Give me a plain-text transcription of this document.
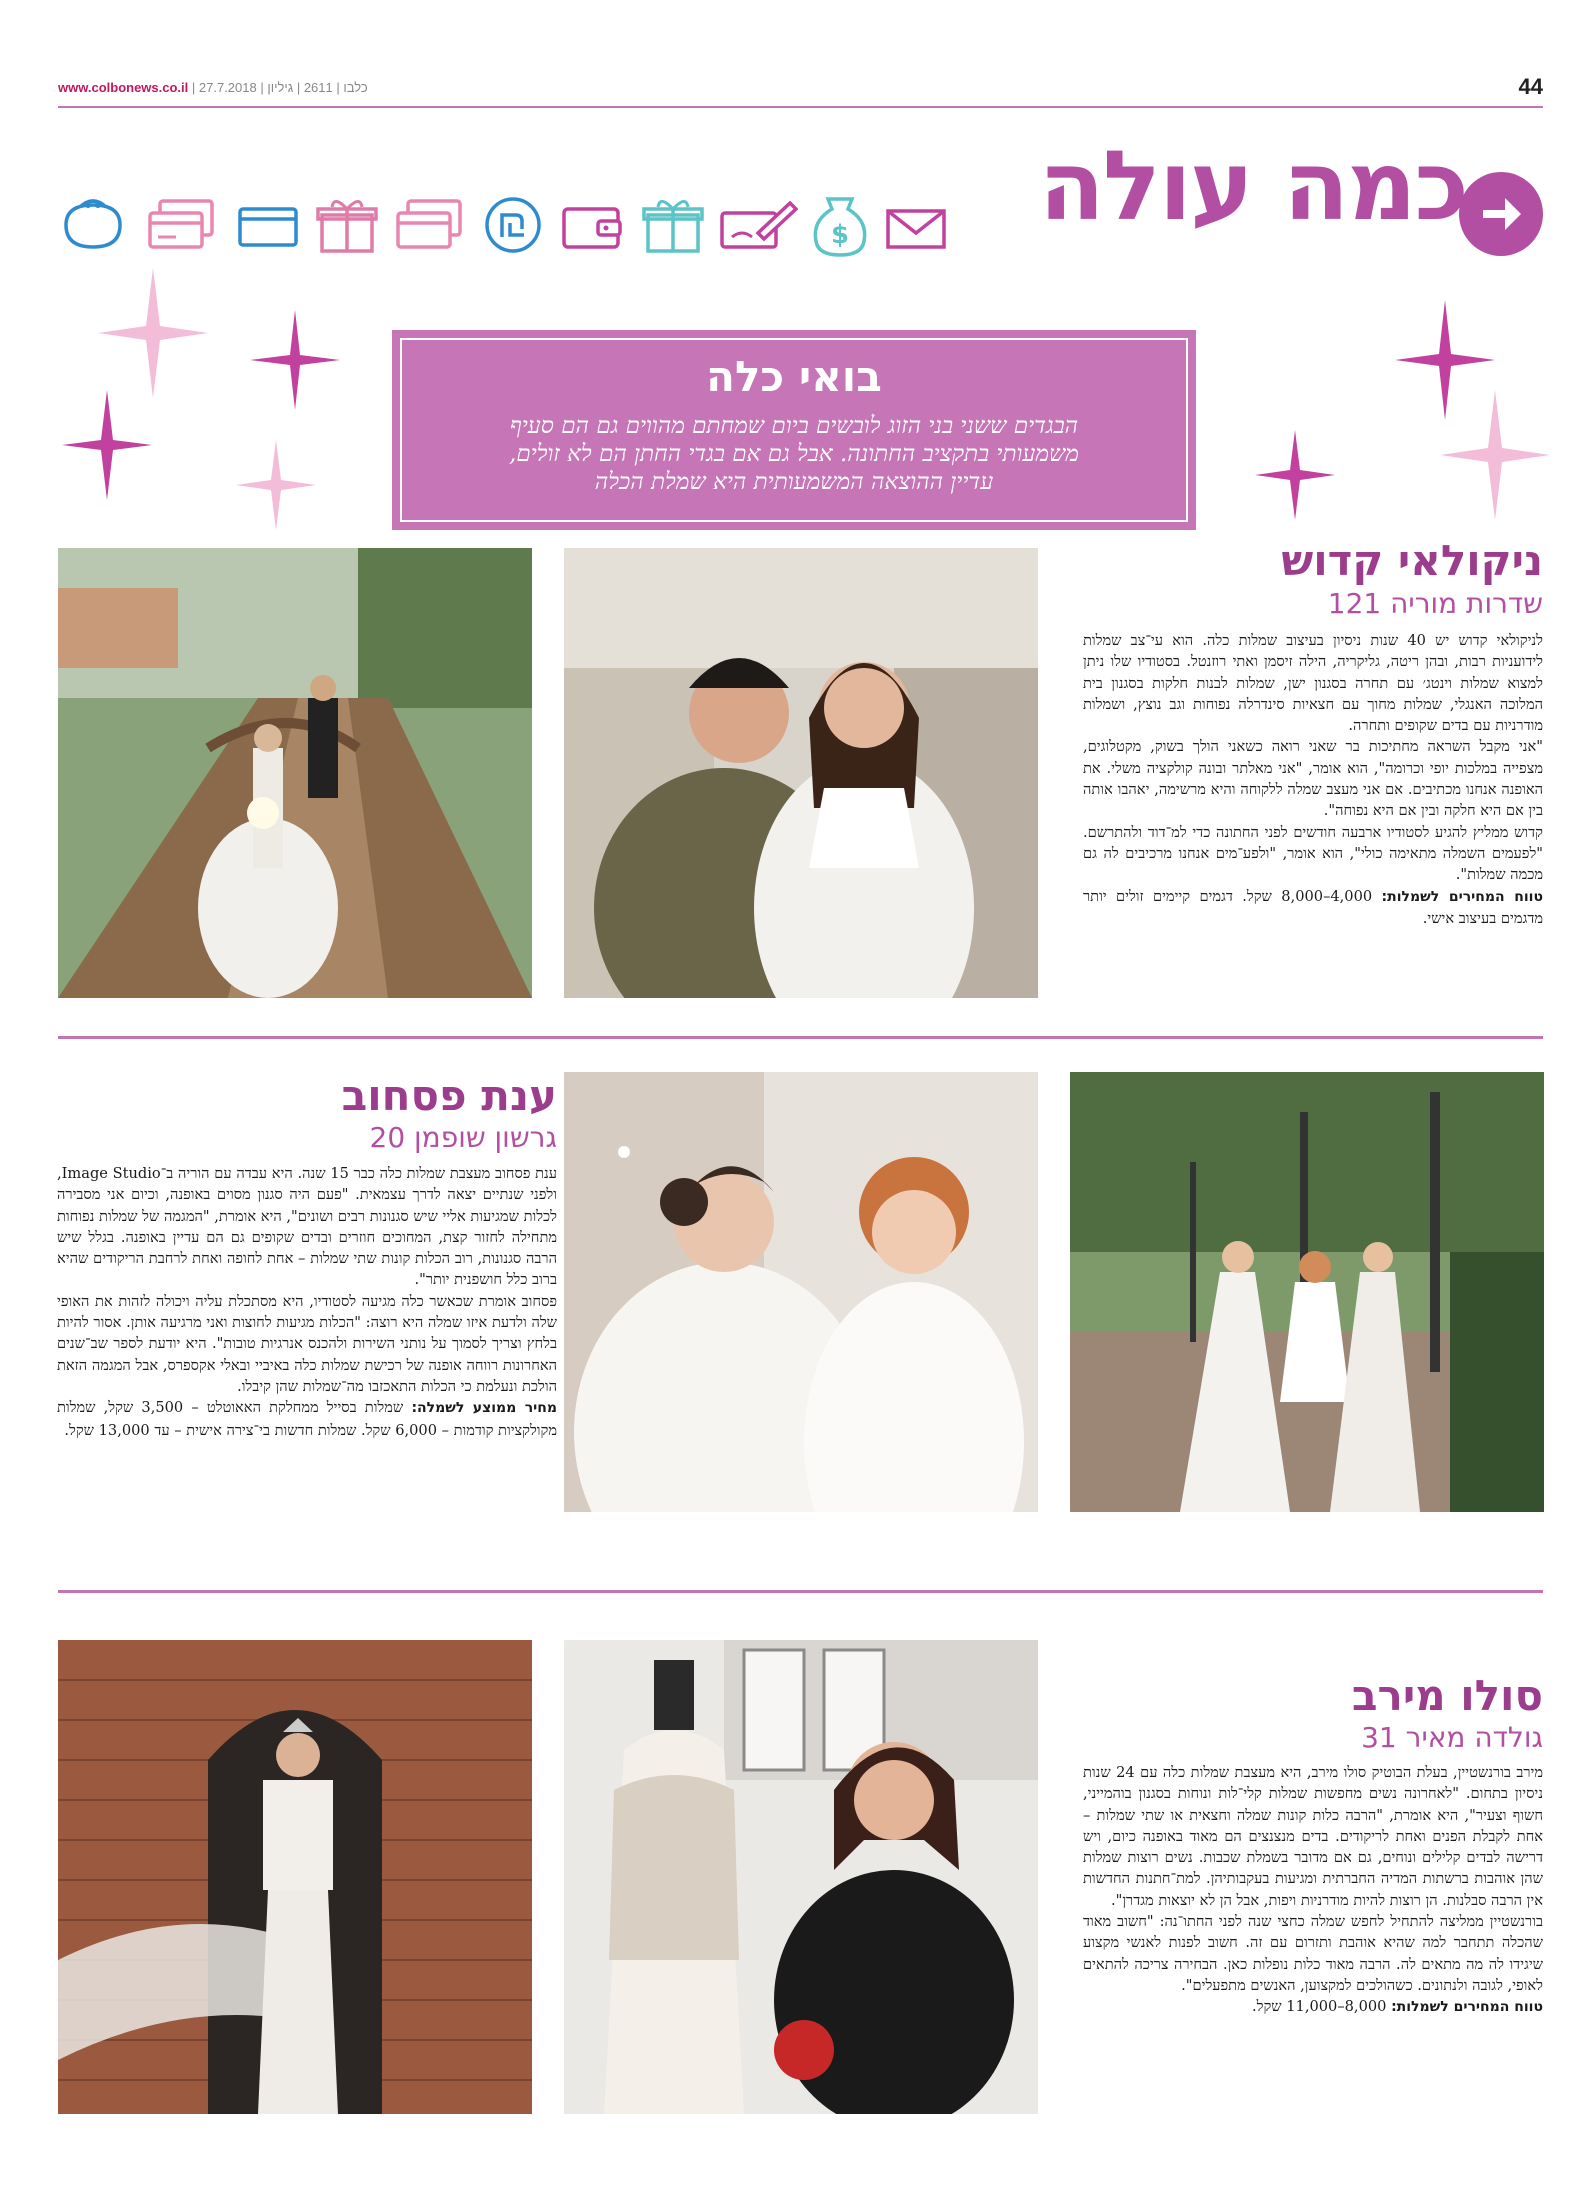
www.colbonews.co.il | כלבו | 2611 | גיליון | 27.7.2018	44
כמה עולה
$
בואי כלה
הבגדים ששני בני הזוג לובשים ביום שמחתם מהווים גם הם סעיף
משמעותי בתקציב החתונה. אבל גם אם בגדי החתן הם לא זולים,
עדיין ההוצאה המשמעותית היא שמלת הכלה
ניקולאי קדוש
שדרות מוריה 121

לניקולאי קדוש יש 40 שנות ניסיון בעיצוב שמלות כלה. הוא עי־צב שמלות לידועניות רבות, ובהן ריטה, גליקריה, הילה זיסמן ואתי רוזנטל. בסטודיו שלו ניתן למצוא שמלות וינטג׳ עם תחרה בסגנון ישן, שמלות לבנות חלקות בסגנון בית המלוכה האנגלי, שמלות מחוך עם חצאיות סינדרלה נפוחות וגב נוצץ, ושמלות מודרניות עם בדים שקופים ותחרה.

"אני מקבל השראה מחתיכות בר שאני רואה כשאני הולך בשוק, מקטלוגים, מצפייה במלכות יופי וכרומה", הוא אומר, "אני מאלתר ובונה קולקציה משלי. את האופנה אנחנו מכתיבים. אם אני מעצב שמלה ללקוחה והיא מרשימה, יאהבו אותה בין אם היא חלקה ובין אם היא נפוחה".

קדוש ממליץ להגיע לסטודיו ארבעה חודשים לפני החתונה כדי למ־דוד ולהתרשם. "לפעמים השמלה מתאימה כולי", הוא אומר, "ולפע־מים אנחנו מרכיבים לה גם מכמה שמלות".

טווח המחירים לשמלות: 4,000–8,000 שקל. דגמים קיימים זולים יותר מדגמים בעיצוב אישי.

ענת פסחוב
גרשון שופמן 20

ענת פסחוב מעצבת שמלות כלה כבר 15 שנה. היא עבדה עם הוריה ב־Image Studio, ולפני שנתיים יצאה לדרך עצמאית. "פעם היה סגנון מסוים באופנה, וכיום אני מסבירה לכלות שמגיעות אליי שיש סגנונות רבים ושונים", היא אומרת, "המגמה של שמלות נפוחות מתחילה לחזור קצת, המחוכים חוזרים ובדים שקופים גם הם עדיין באופנה. בגלל שיש הרבה סגנונות, רוב הכלות קונות שתי שמלות – אחת לחופה ואחת לרחבת הריקודים שהיא ברוב כלל חושפנית יותר".

פסחוב אומרת שכאשר כלה מגיעה לסטודיו, היא מסתכלת עליה ויכולה לזהות את האופי שלה ולדעת איזו שמלה היא רוצה: "הכלות מגיעות לחוצות ואני מרגיעה אותן. אסור להיות בלחץ וצריך לסמוך על נותני השירות ולהכנס אנרגיות טובות". היא יודעת לספר שב־שנים האחרונות רווחה אופנה של רכישת שמלות כלה באיביי ובאלי אקספרס, אבל המגמה הזאת הולכת ונעלמת כי הכלות התאכזבו מה־שמלות שהן קיבלו.

מחיר ממוצע לשמלה: שמלות בסייל ממחלקת האאוטלט – 3,500 שקל, שמלות מקולקציות קודמות – 6,000 שקל. שמלות חדשות בי־צירה אישית – עד 13,000 שקל.

סולו מירב
גולדה מאיר 31

מירב בורנשטיין, בעלת הבוטיק סולו מירב, היא מעצבת שמלות כלה עם 24 שנות ניסיון בתחום. "לאחרונה נשים מחפשות שמלות קלי־לות ונוחות בסגנון בוהמייני, חשוף וצעיר", היא אומרת, "הרבה כלות קונות שמלה וחצאית או שתי שמלות – אחת לקבלת הפנים ואחת לריקודים. בדים מנצנצים הם מאוד באופנה כיום, ויש דרישה לבדים קלילים ונוחים, גם אם מדובר בשמלת שכבות. נשים רוצות שמלות שהן אוהבות ברשתות המדיה החברתית ומגיעות בעקבותיהן. למת־חתנות החדשות אין הרבה סבלנות. הן רוצות להיות מודרניות ויפות, אבל הן לא יוצאות מגדרן".

בורנשטיין ממליצה להתחיל לחפש שמלה כחצי שנה לפני החתו־נה: "חשוב מאוד שהכלה תתחבר למה שהיא אוהבת ותזרום עם זה. חשוב לפנות לאנשי מקצוע שיגידו לה מה מתאים לה. הרבה מאוד כלות נופלות כאן. הבחירה צריכה להתאים לאופי, לגובה ולנתונים. כשהולכים למקצוען, האנשים מתפעלים".

טווח המחירים לשמלות: 8,000–11,000 שקל.
